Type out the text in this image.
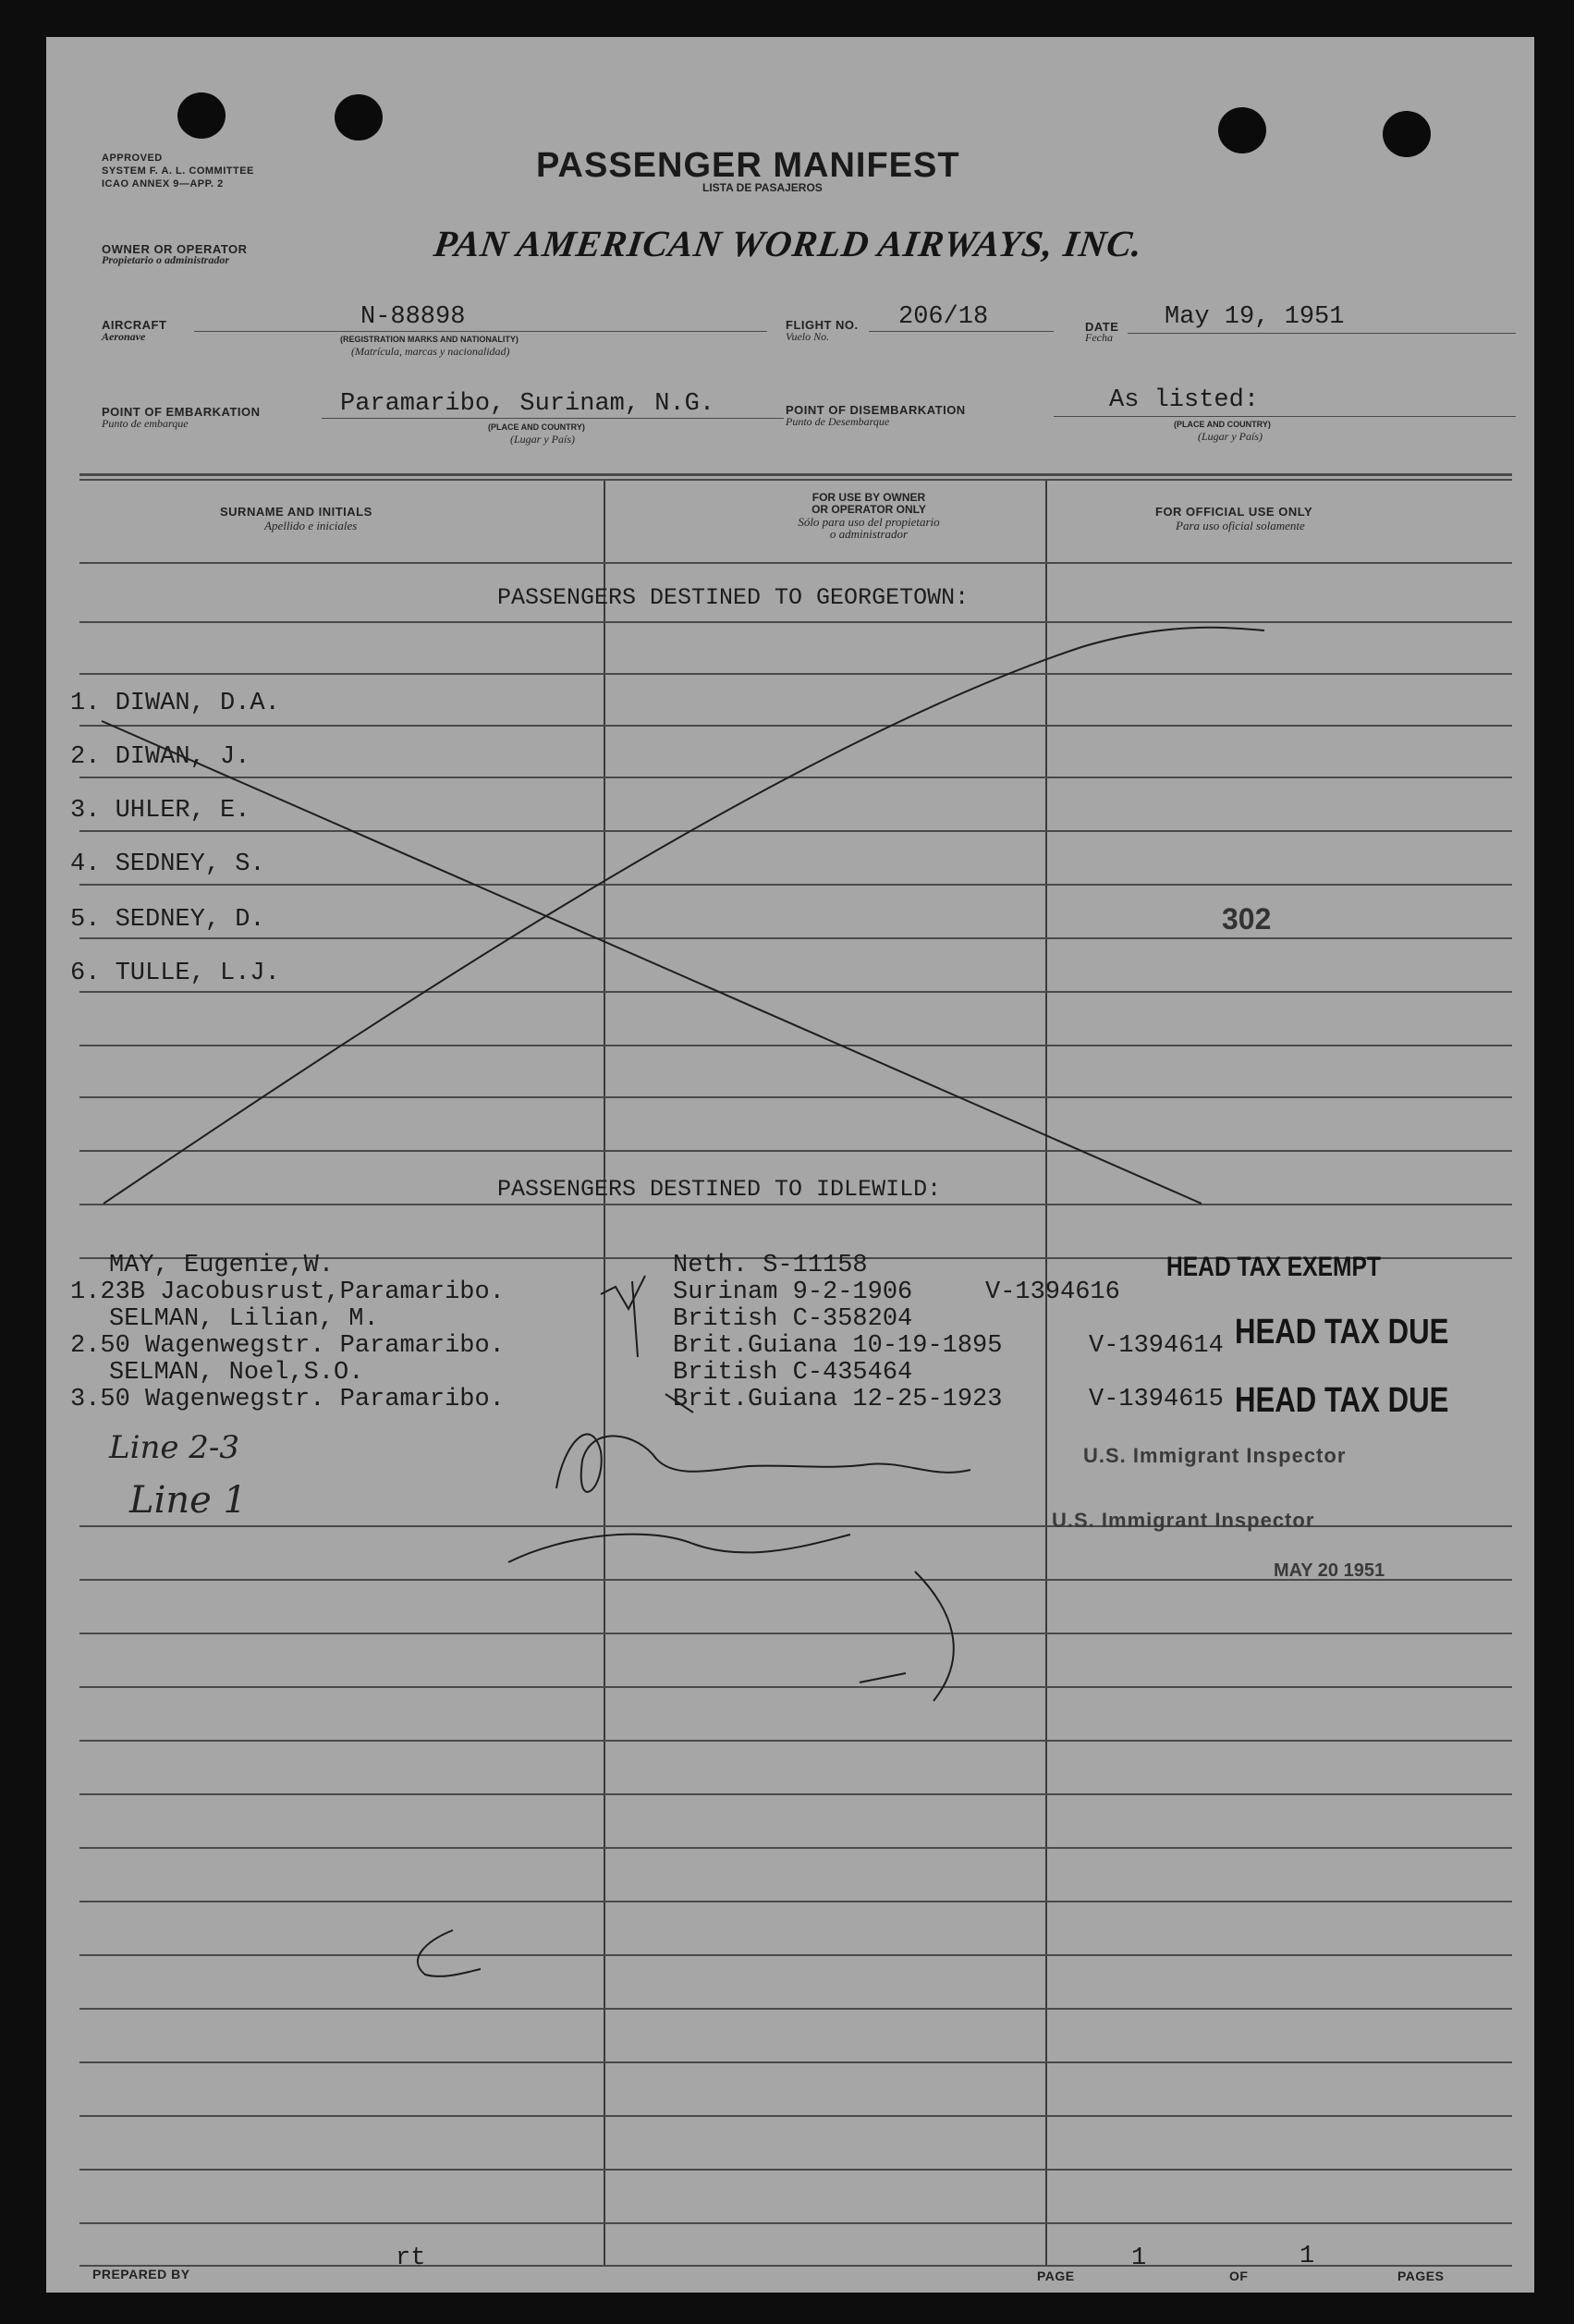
APPROVED
SYSTEM F. A. L. COMMITTEE
ICAO ANNEX 9—APP. 2	PASSENGER MANIFEST
LISTA DE PASAJEROS
OWNER OR OPERATOR
Propietario o administrador	PAN AMERICAN WORLD AIRWAYS, INC.
AIRCRAFT
Aeronave
N-88898
(REGISTRATION MARKS AND NATIONALITY)
(Matrícula, marcas y nacionalidad)
FLIGHT NO.
Vuelo No.
206/18	DATE
Fecha
May 19, 1951
POINT OF EMBARKATION
Punto de embarque
Paramaribo, Surinam, N.G.
(PLACE AND COUNTRY)
(Lugar y País)
POINT OF DISEMBARKATION
Punto de Desembarque
As listed:
(PLACE AND COUNTRY)
(Lugar y País)
SURNAME AND INITIALS
Apellido e iniciales
FOR USE BY OWNER
OR OPERATOR ONLY
Sólo para uso del propietario
o administrador
FOR OFFICIAL USE ONLY
Para uso oficial solamente
PASSENGERS DESTINED TO GEORGETOWN:
1. DIWAN, D.A.
2. DIWAN, J.
3. UHLER, E.
4. SEDNEY, S.
5. SEDNEY, D.
6. TULLE, L.J.
302
PASSENGERS DESTINED TO IDLEWILD:
MAY, Eugenie,W.
1.23B Jacobusrust,Paramaribo.
Neth. S-11158
Surinam 9-2-1906	V-1394616
HEAD TAX EXEMPT
SELMAN, Lilian, M.
2.50 Wagenwegstr. Paramaribo.
British C-358204
Brit.Guiana 10-19-1895	V-1394614 HEAD TAX DUE
SELMAN, Noel,S.O.
3.50 Wagenwegstr. Paramaribo.
British C-435464
Brit.Guiana 12-25-1923	V-1394615 HEAD TAX DUE
Line 2-3
Line 1
U.S. Immigrant Inspector
U.S. Immigrant Inspector
MAY 20 1951
PREPARED BY
rt
PAGE
1
OF
1
PAGES
